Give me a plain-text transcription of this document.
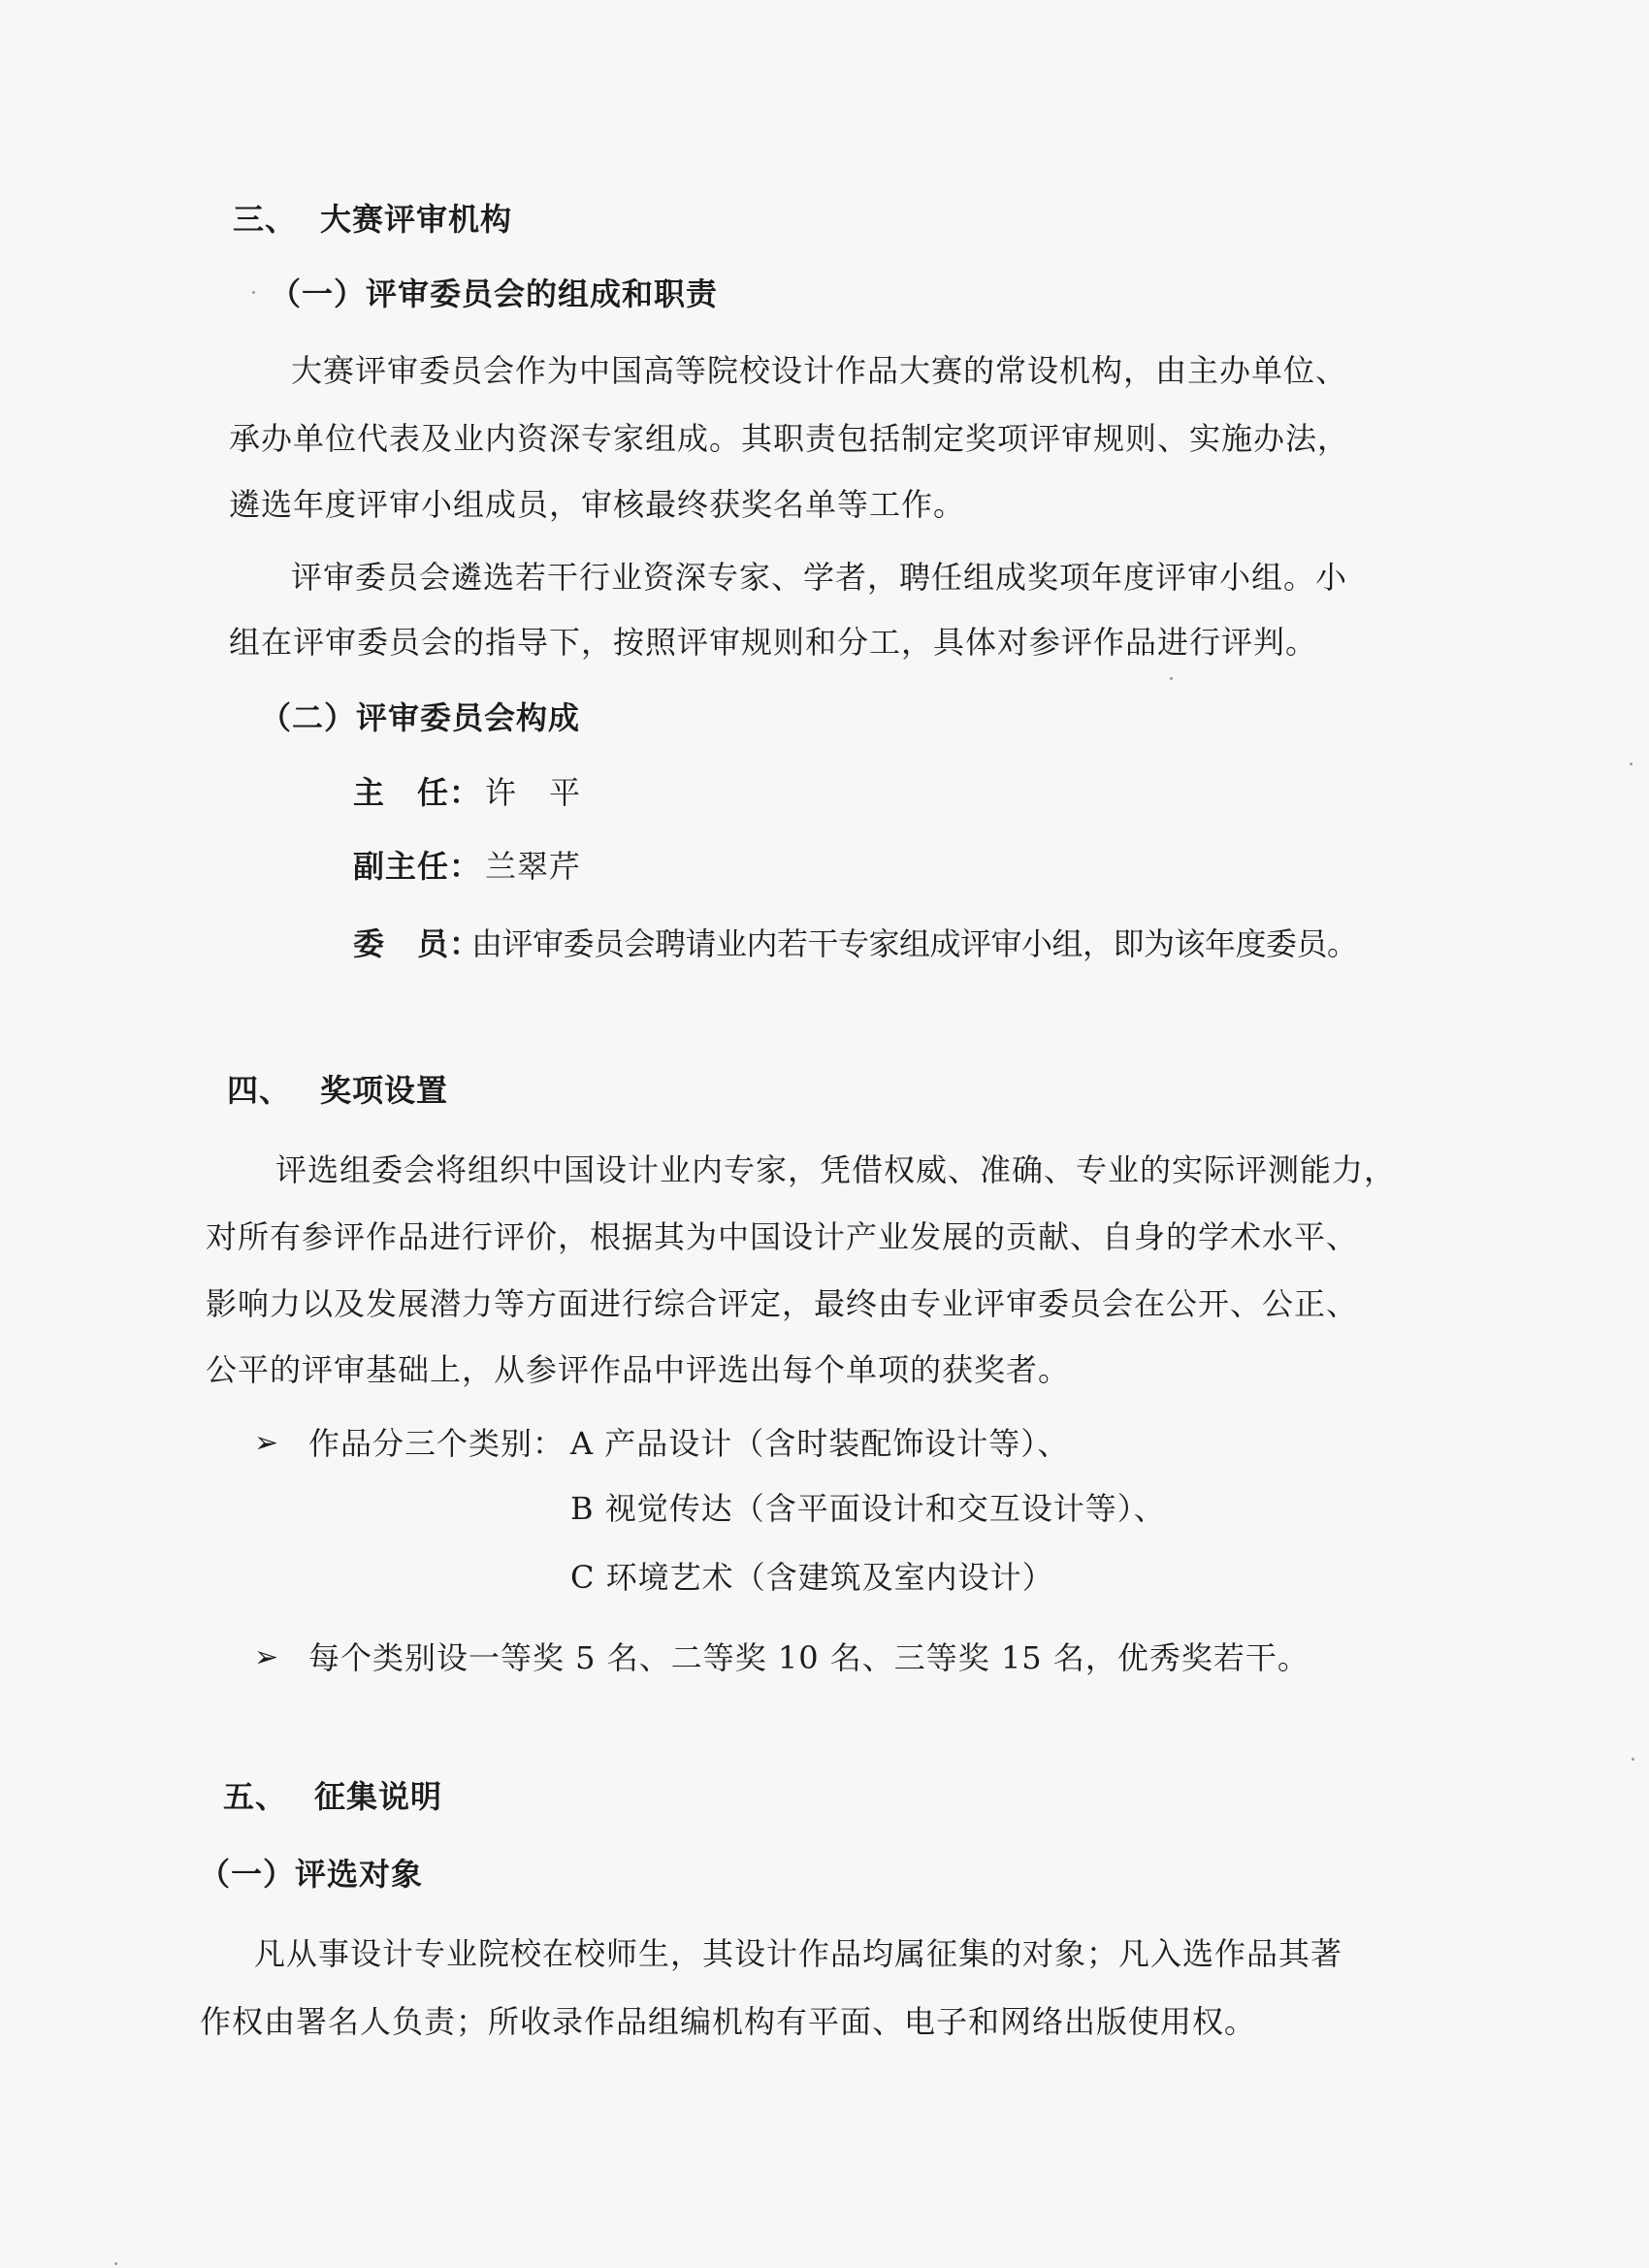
三、 大赛评审机构
（一）评审委员会的组成和职责
大赛评审委员会作为中国高等院校设计作品大赛的常设机构，由主办单位、
承办单位代表及业内资深专家组成。其职责包括制定奖项评审规则、实施办法，
遴选年度评审小组成员，审核最终获奖名单等工作。
评审委员会遴选若干行业资深专家、学者，聘任组成奖项年度评审小组。小
组在评审委员会的指导下，按照评审规则和分工，具体对参评作品进行评判。
（二）评审委员会构成
主　任： 许　平
副主任： 兰翠芹
委　员：
由评审委员会聘请业内若干专家组成评审小组，即为该年度委员。
四、 奖项设置
评选组委会将组织中国设计业内专家，凭借权威、准确、专业的实际评测能力，
对所有参评作品进行评价，根据其为中国设计产业发展的贡献、自身的学术水平、
影响力以及发展潜力等方面进行综合评定，最终由专业评审委员会在公开、公正、
公平的评审基础上，从参评作品中评选出每个单项的获奖者。
➢ 作品分三个类别： A 产品设计（含时装配饰设计等）、
B 视觉传达（含平面设计和交互设计等）、
C 环境艺术（含建筑及室内设计）
➢ 每个类别设一等奖 5 名、二等奖 10 名、三等奖 15 名，优秀奖若干。
五、 征集说明
（一）评选对象
凡从事设计专业院校在校师生，其设计作品均属征集的对象；凡入选作品其著
作权由署名人负责；所收录作品组编机构有平面、电子和网络出版使用权。
